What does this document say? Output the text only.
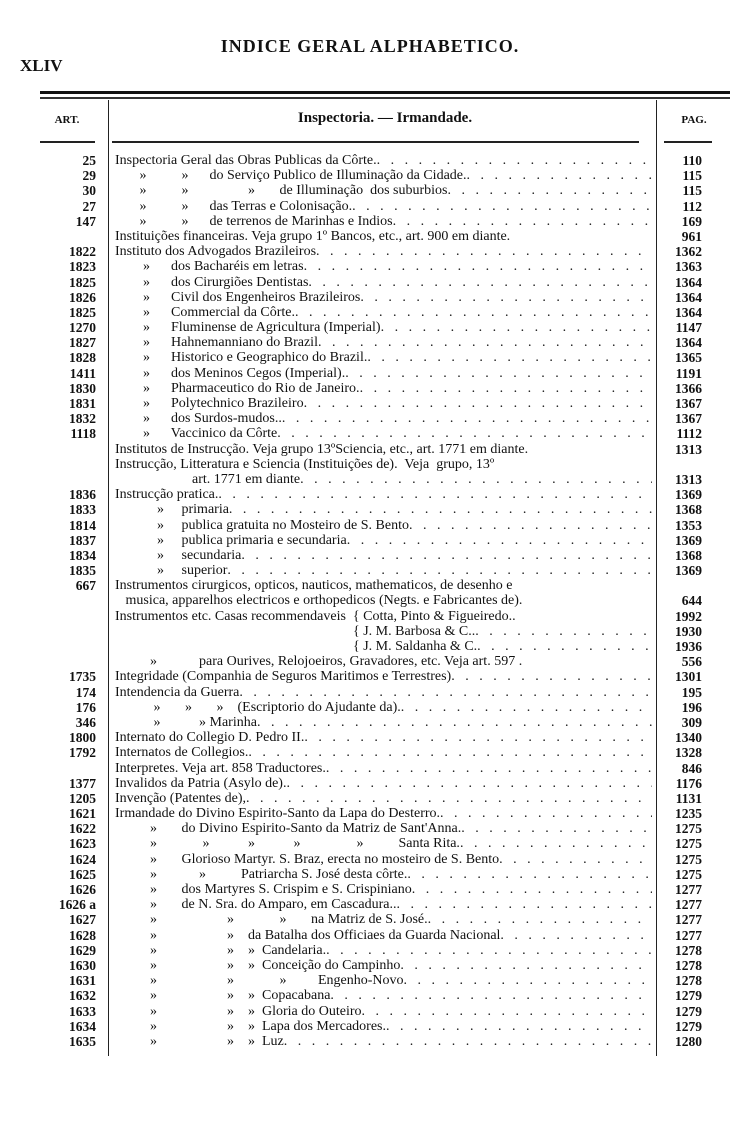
XLIV
INDICE GERAL ALPHABETICO.
ART.	Inspectoria. — Irmandade.	PAG.
25 Inspectoria Geral das Obras Publicas da Côrte. . . .	110
29 »          »      do Serviço Publico de Illuminação da Cidade. . . .	115
30 »          »                 »       de Illuminação  dos suburbios . . .	115
27 »          »      das Terras e Colonisação. . . .	112
147 »          »      de terrenos de Marinhas e Indios . . .	169
Instituições financeiras. Veja grupo 1º Bancos, etc., art. 900 em diante.	961
1822 Instituto dos Advogados Brazileiros . . .	1362
1823 »      dos Bacharéis em letras . . .	1363
1825 »      dos Cirurgiões Dentistas . . .	1364
1826 »      Civil dos Engenheiros Brazileiros . . .	1364
1825 »      Commercial da Côrte. . . .	1364
1270 »      Fluminense de Agricultura (Imperial) . . .	1147
1827 »      Hahnemanniano do Brazil . . .	1364
1828 »      Historico e Geographico do Brazil. . . .	1365
1411 »      dos Meninos Cegos (Imperial). . . .	1191
1830 »      Pharmaceutico do Rio de Janeiro. . . .	1366
1831 »      Polytechnico Brazileiro . . .	1367
1832 »      dos Surdos-mudos.. . . .	1367
1118 »      Vaccinico da Côrte . . .	1112
Institutos de Instrucção. Veja grupo 13ºSciencia, etc., art. 1771 em diante.	1313
Instrucção, Litteratura e Sciencia (Instituições de).  Veja  grupo, 13º
art. 1771 em diante . . .	1313
1836 Instrucção pratica. . . .	1369
1833 »     primaria . . .	1368
1814 »     publica gratuita no Mosteiro de S. Bento . . .	1353
1837 »     publica primaria e secundaria . . .	1369
1834 »     secundaria . . .	1368
1835 »     superior . . .	1369
667 Instrumentos cirurgicos, opticos, nauticos, mathematicos, de desenho e
musica, apparelhos electricos e orthopedicos (Negts. e Fabricantes de).	644
Instrumentos etc. Casas recommendaveis  { Cotta, Pinto & Figueiredo..	1992
{ J. M. Barbosa & C.. . . .	1930
{ J. M. Saldanha & C. . . .	1936
»            para Ourives, Relojoeiros, Gravadores, etc. Veja art. 597 .	556
1735 Integridade (Companhia de Seguros Maritimos e Terrestres) . . .	1301
174 Intendencia da Guerra . . .	195
176 »       »       »    (Escriptorio do Ajudante da). . . .	196
346 »           » Marinha . . .	309
1800 Internato do Collegio D. Pedro II. . . .	1340
1792 Internatos de Collegios. . . .	1328
Interpretes. Veja art. 858 Traductores. . . .	846
1377 Invalidos da Patria (Asylo de). . . .	1176
1205 Invenção (Patentes de), . . .	1131
1621 Irmandade do Divino Espirito-Santo da Lapa do Desterro. . . .	1235
1622 »       do Divino Espirito-Santo da Matriz de Sant'Anna. . . .	1275
1623 »             »           »           »                »          Santa Rita. . . .	1275
1624 »       Glorioso Martyr. S. Braz, erecta no mosteiro de S. Bento . . .	1275
1625 »            »          Patriarcha S. José desta côrte. . . .	1275
1626 »       dos Martyres S. Crispim e S. Crispiniano . . .	1277
1626 a »       de N. Sra. do Amparo, em Cascadura.. . . .	1277
1627 »                    »             »       na Matriz de S. José. . . .	1277
1628 »                    »    da Batalha dos Officiaes da Guarda Nacional . . .	1277
1629 »                    »    »  Candelaria. . . .	1278
1630 »                    »    »  Conceição do Campinho . . .	1278
1631 »                    »             »         Engenho-Novo . . .	1278
1632 »                    »    »  Copacabana . . .	1279
1633 »                    »    »  Gloria do Outeiro . . .	1279
1634 »                    »    »  Lapa dos Mercadores. . . .	1279
1635 »                    »    »  Luz . . .	1280
